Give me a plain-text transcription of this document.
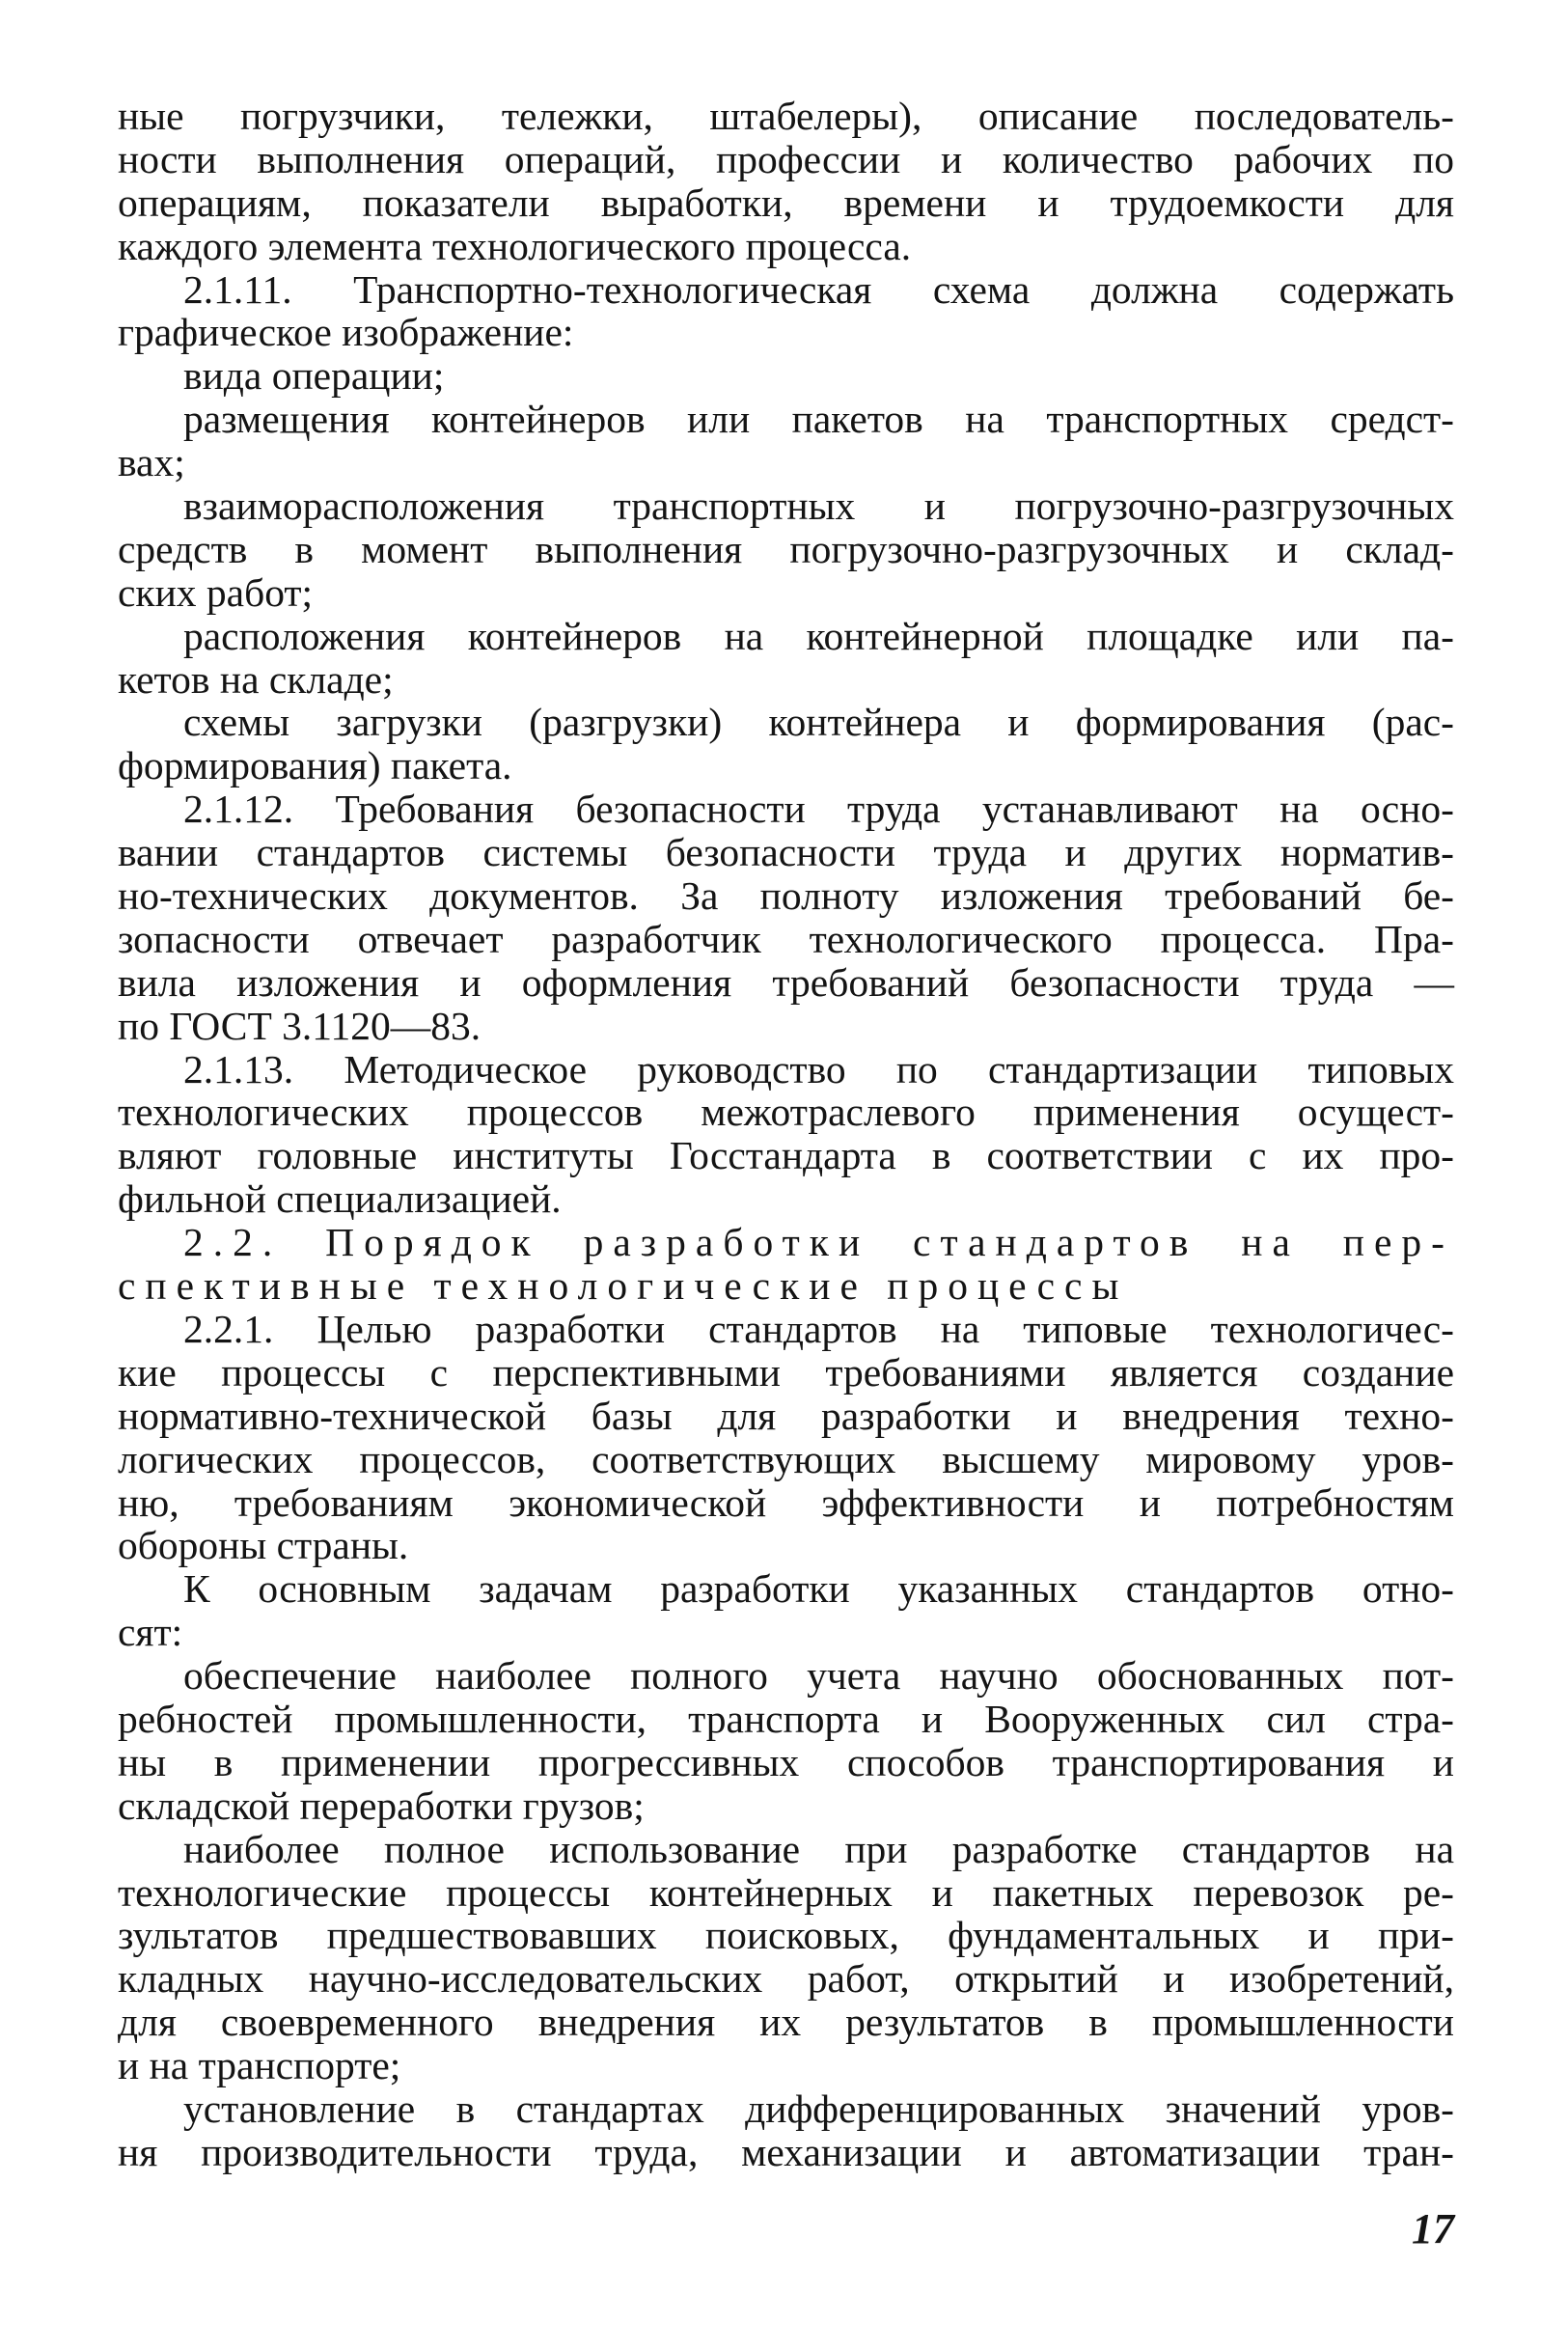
ные погрузчики, тележки, штабелеры), описание последователь-
ности выполнения операций, профессии и количество рабочих по
операциям, показатели выработки, времени и трудоемкости для
каждого элемента технологического процесса.
2.1.11. Транспортно-технологическая схема должна содержать
графическое изображение:
вида операции;
размещения контейнеров или пакетов на транспортных средст-
вах;
взаиморасположения транспортных и погрузочно-разгрузочных
средств в момент выполнения погрузочно-разгрузочных и склад-
ских работ;
расположения контейнеров на контейнерной площадке или па-
кетов на складе;
схемы загрузки (разгрузки) контейнера и формирования (рас-
формирования) пакета.
2.1.12. Требования безопасности труда устанавливают на осно-
вании стандартов системы безопасности труда и других норматив-
но-технических документов. За полноту изложения требований бе-
зопасности отвечает разработчик технологического процесса. Пра-
вила изложения и оформления требований безопасности труда —
по ГОСТ 3.1120—83.
2.1.13. Методическое руководство по стандартизации типовых
технологических процессов межотраслевого применения осущест-
вляют головные институты Госстандарта в соответствии с их про-
фильной специализацией.
2.2. Порядок разработки стандартов на пер-
спективные технологические процессы
2.2.1. Целью разработки стандартов на типовые технологичес-
кие процессы с перспективными требованиями является создание
нормативно-технической базы для разработки и внедрения техно-
логических процессов, соответствующих высшему мировому уров-
ню, требованиям экономической эффективности и потребностям
обороны страны.
К основным задачам разработки указанных стандартов отно-
сят:
обеспечение наиболее полного учета научно обоснованных пот-
ребностей промышленности, транспорта и Вооруженных сил стра-
ны в применении прогрессивных способов транспортирования и
складской переработки грузов;
наиболее полное использование при разработке стандартов на
технологические процессы контейнерных и пакетных перевозок ре-
зультатов предшествовавших поисковых, фундаментальных и при-
кладных научно-исследовательских работ, открытий и изобретений,
для своевременного внедрения их результатов в промышленности
и на транспорте;
установление в стандартах дифференцированных значений уров-
ня производительности труда, механизации и автоматизации тран-
17
